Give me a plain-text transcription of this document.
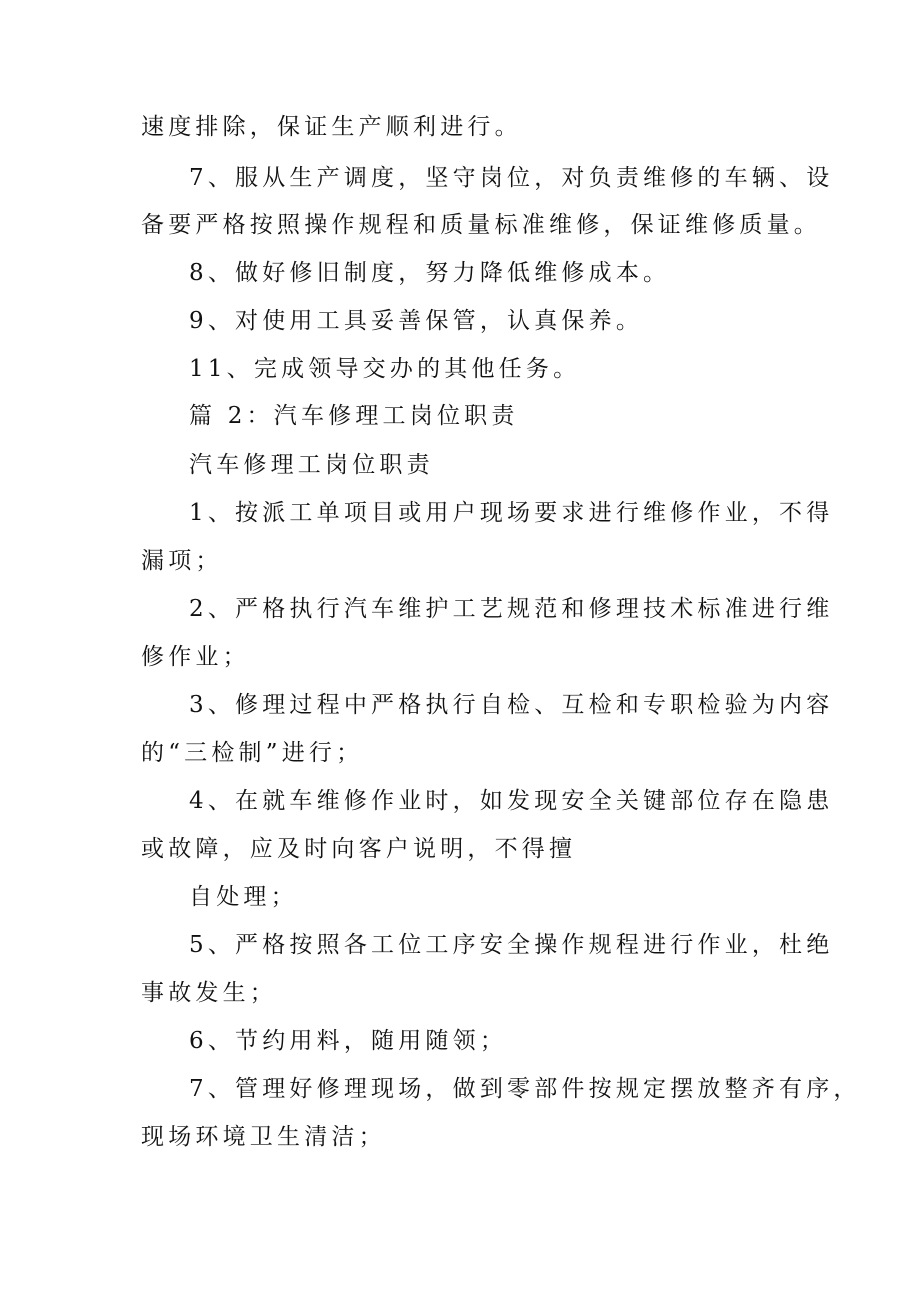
速度排除，保证生产顺利进行。
7、服从生产调度，坚守岗位，对负责维修的车辆、设
备要严格按照操作规程和质量标准维修，保证维修质量。
8、做好修旧制度，努力降低维修成本。
9、对使用工具妥善保管，认真保养。
11、完成领导交办的其他任务。
篇 2：汽车修理工岗位职责
汽车修理工岗位职责
1、按派工单项目或用户现场要求进行维修作业，不得
漏项；
2、严格执行汽车维护工艺规范和修理技术标准进行维
修作业；
3、修理过程中严格执行自检、互检和专职检验为内容
的“三检制”进行；
4、在就车维修作业时，如发现安全关键部位存在隐患
或故障，应及时向客户说明，不得擅
自处理；
5、严格按照各工位工序安全操作规程进行作业，杜绝
事故发生；
6、节约用料，随用随领；
7、管理好修理现场，做到零部件按规定摆放整齐有序，
现场环境卫生清洁；
